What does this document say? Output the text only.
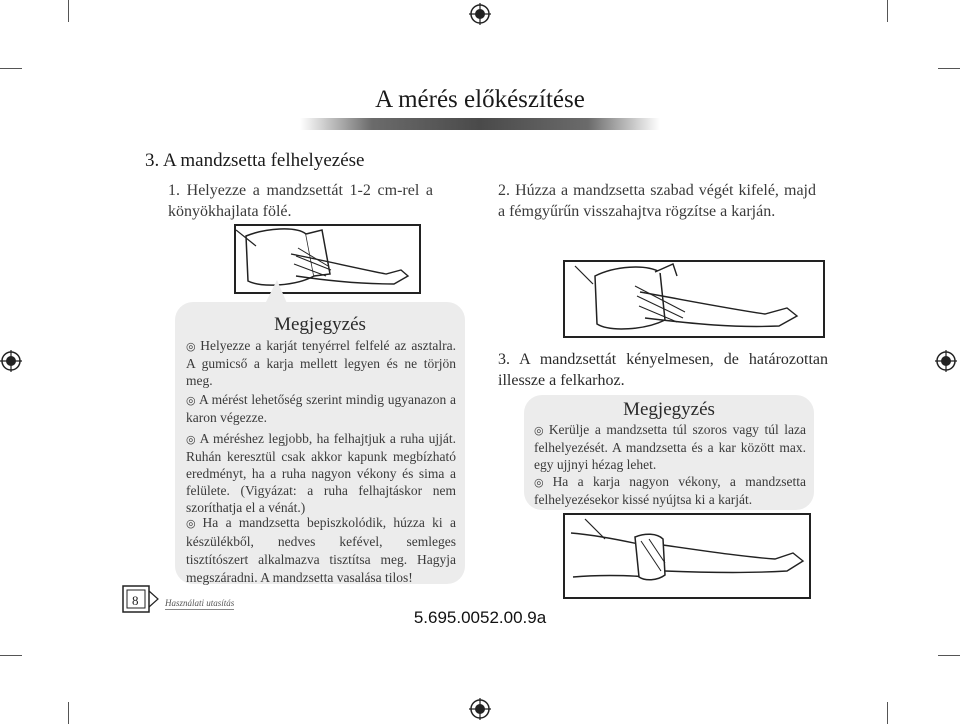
A mérés előkészítése
3. A mandzsetta felhelyezése
1. Helyezze a mandzsettát 1-2 cm-rel a könyökhajlata fölé.
2. Húzza a mandzsetta szabad végét kifelé, majd a fémgyűrűn visszahajtva rögzítse a karján.
3. A mandzsettát kényelmesen, de határozottan illessze a felkarhoz.
Megjegyzés
◎ Helyezze a karját tenyérrel felfelé az asztalra. A gumicső a karja mellett legyen és ne törjön meg.
◎ A mérést lehetőség szerint mindig ugyanazon a karon végezze.
◎ A méréshez legjobb, ha felhajtjuk a ruha ujját. Ruhán keresztül csak akkor kapunk megbízható eredményt, ha a ruha nagyon vékony és sima a felülete. (Vigyázat: a ruha felhajtáskor nem szoríthatja el a vénát.)
◎ Ha a mandzsetta bepiszkolódik, húzza ki a készülékből, nedves kefével, semleges tisztítószert alkalmazva tisztítsa meg. Hagyja megszáradni. A mandzsetta vasalása tilos!
Megjegyzés
◎ Kerülje a mandzsetta túl szoros vagy túl laza felhelyezését. A mandzsetta és a kar között max. egy ujjnyi hézag lehet.
◎ Ha a karja nagyon vékony, a mandzsetta felhelyezésekor kissé nyújtsa ki a karját.
8	Használati utasítás
5.695.0052.00.9a
